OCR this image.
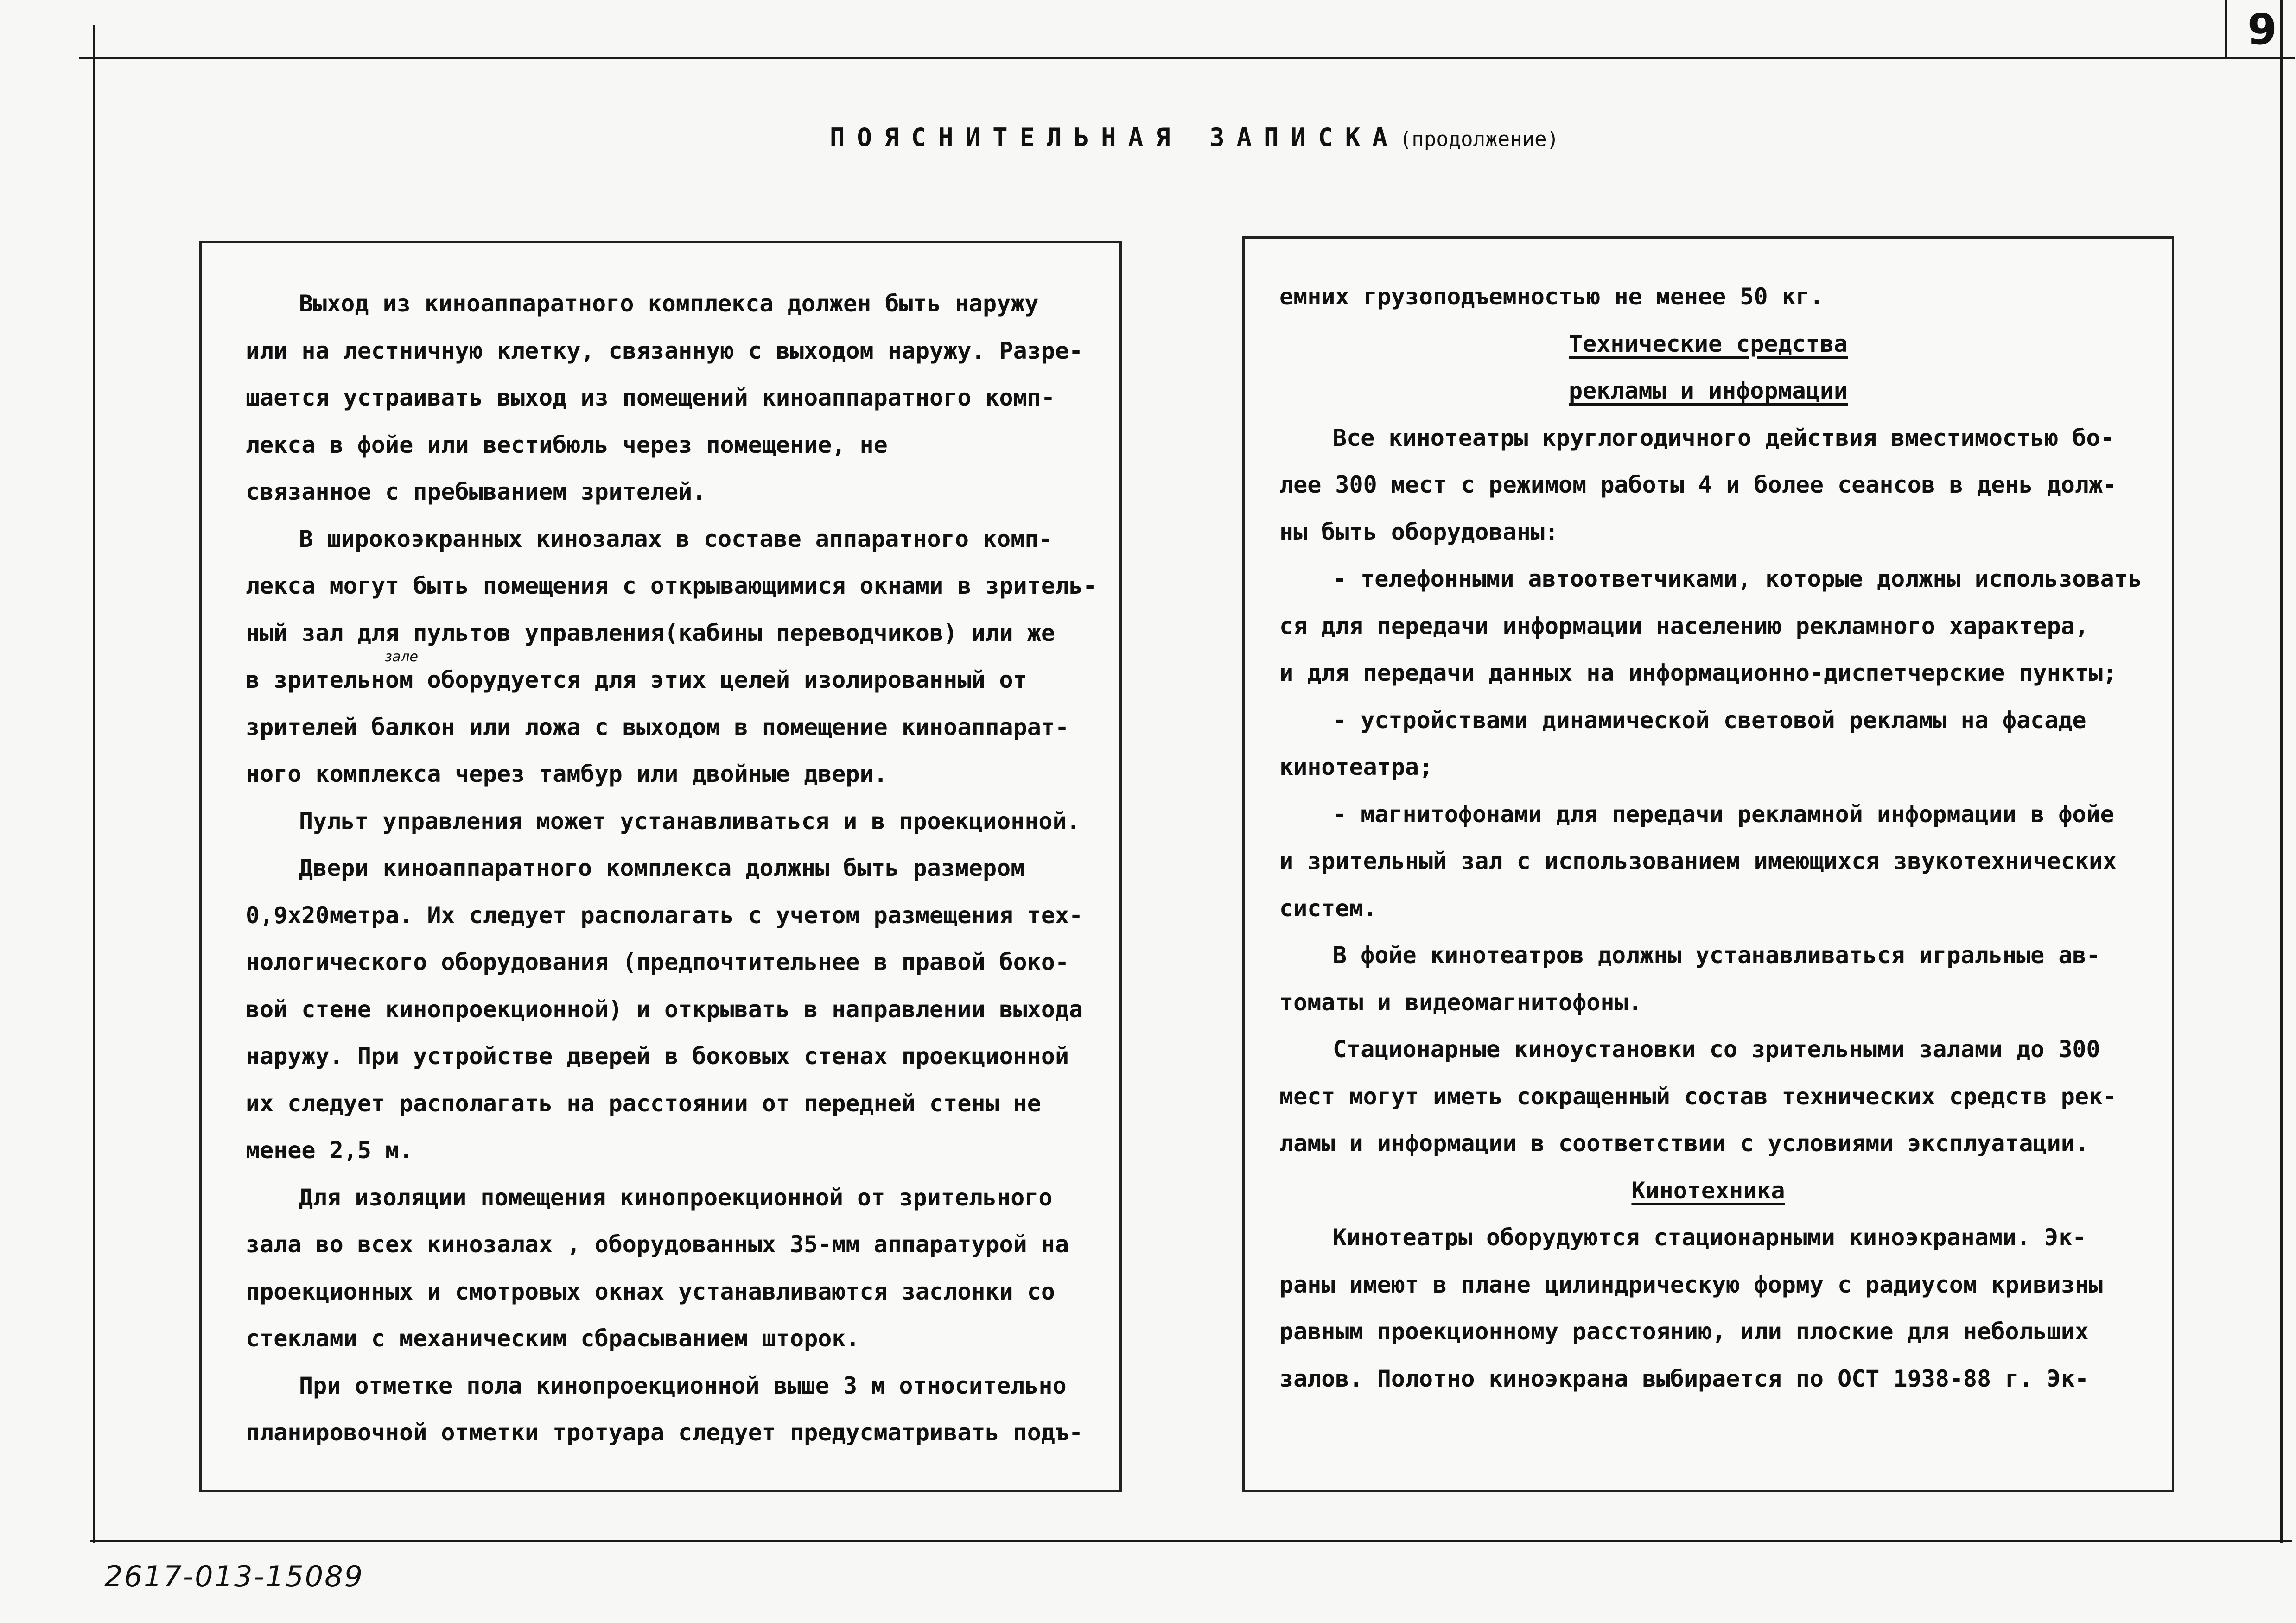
9
ПОЯСНИТЕЛЬНАЯ ЗАПИСКА (продолжение)
Выход из киноаппаратного комплекса должен быть наружу
или на лестничную клетку, связанную с выходом наружу. Разре-
шается устраивать выход из помещений киноаппаратного комп-
лекса в фойе или вестибюль через помещение, не
связанное с пребыванием зрителей.
В широкоэкранных кинозалах в составе аппаратного комп-
лекса могут быть помещения с открывающимися окнами в зритель-
ный зал для пультов управления(кабины переводчиков) или же
в зрительном оборудуется для этих целей изолированный от
зрителей балкон или ложа с выходом в помещение киноаппарат-
ного комплекса через тамбур или двойные двери.
Пульт управления может устанавливаться и в проекционной.
Двери киноаппаратного комплекса должны быть размером
0,9х20метра. Их следует располагать с учетом размещения тех-
нологического оборудования (предпочтительнее в правой боко-
вой стене кинопроекционной) и открывать в направлении выхода
наружу. При устройстве дверей в боковых стенах проекционной
их следует располагать на расстоянии от передней стены не
менее 2,5 м.
Для изоляции помещения кинопроекционной от зрительного
зала во всех кинозалах , оборудованных 35-мм аппаратурой на
проекционных и смотровых окнах устанавливаются заслонки со
стеклами с механическим сбрасыванием шторок.
При отметке пола кинопроекционной выше 3 м относительно
планировочной отметки тротуара следует предусматривать подъ-
зале
емних грузоподъемностью не менее 50 кг.
Технические средства
рекламы и информации
Все кинотеатры круглогодичного действия вместимостью бо-
лее 300 мест с режимом работы 4 и более сеансов в день долж-
ны быть оборудованы:
- телефонными автоответчиками, которые должны использовать
ся для передачи информации населению рекламного характера,
и для передачи данных на информационно-диспетчерские пункты;
- устройствами динамической световой рекламы на фасаде
кинотеатра;
- магнитофонами для передачи рекламной информации в фойе
и зрительный зал с использованием имеющихся звукотехнических
систем.
В фойе кинотеатров должны устанавливаться игральные ав-
томаты и видеомагнитофоны.
Стационарные киноустановки со зрительными залами до 300
мест могут иметь сокращенный состав технических средств рек-
ламы и информации в соответствии с условиями эксплуатации.
Кинотехника
Кинотеатры оборудуются стационарными киноэкранами. Эк-
раны имеют в плане цилиндрическую форму с радиусом кривизны
равным проекционному расстоянию, или плоские для небольших
залов. Полотно киноэкрана выбирается по ОСТ 1938-88 г. Эк-
2617-013-15089
